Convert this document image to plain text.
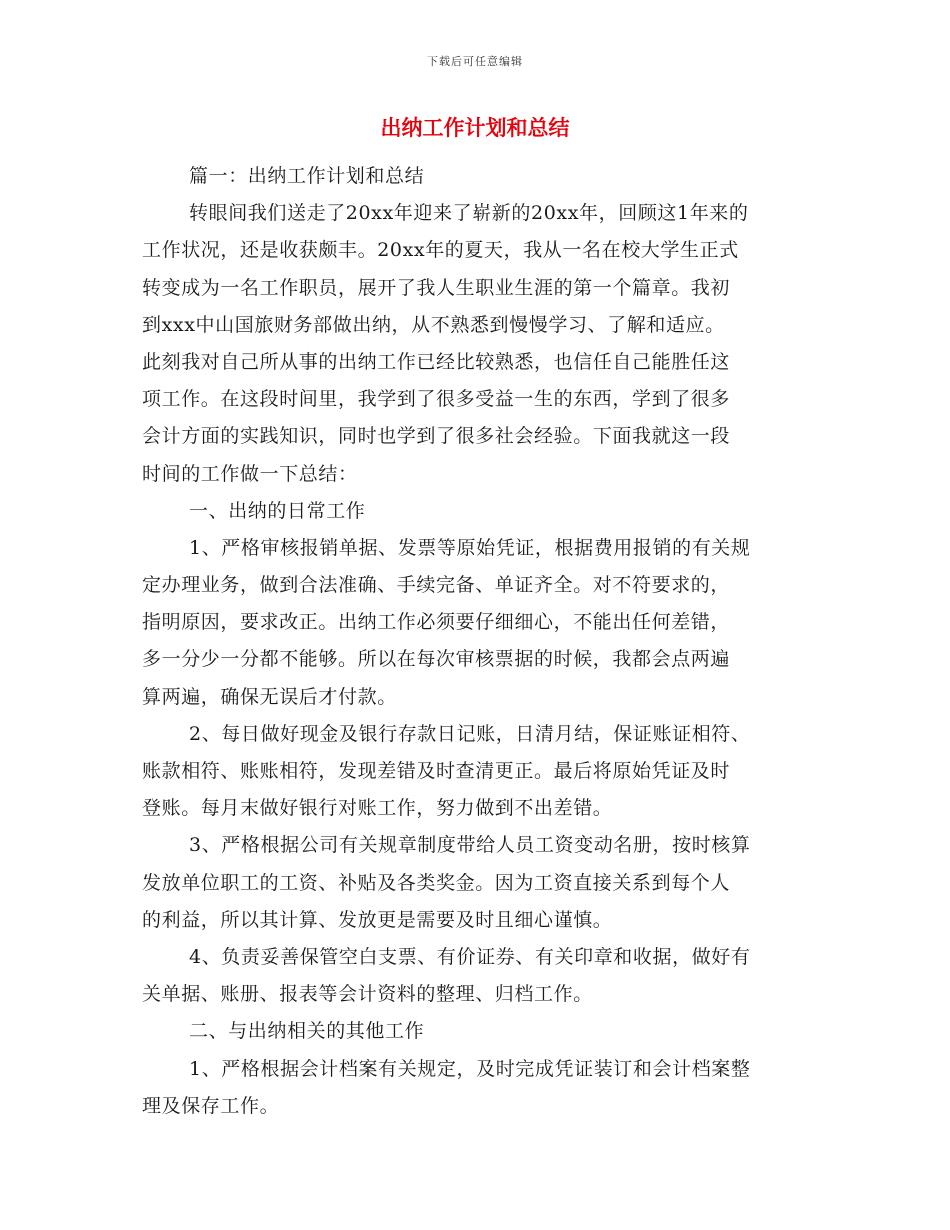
下载后可任意编辑
出纳工作计划和总结
篇一：出纳工作计划和总结
转眼间我们送走了20xx年迎来了崭新的20xx年，回顾这1年来的
工作状况，还是收获颇丰。20xx年的夏天，我从一名在校大学生正式
转变成为一名工作职员，展开了我人生职业生涯的第一个篇章。我初
到xxx中山国旅财务部做出纳，从不熟悉到慢慢学习、了解和适应。
此刻我对自己所从事的出纳工作已经比较熟悉，也信任自己能胜任这
项工作。在这段时间里，我学到了很多受益一生的东西，学到了很多
会计方面的实践知识，同时也学到了很多社会经验。下面我就这一段
时间的工作做一下总结：
一、出纳的日常工作
1、严格审核报销单据、发票等原始凭证，根据费用报销的有关规
定办理业务，做到合法准确、手续完备、单证齐全。对不符要求的，
指明原因，要求改正。出纳工作必须要仔细细心，不能出任何差错，
多一分少一分都不能够。所以在每次审核票据的时候，我都会点两遍
算两遍，确保无误后才付款。
2、每日做好现金及银行存款日记账，日清月结，保证账证相符、
账款相符、账账相符，发现差错及时查清更正。最后将原始凭证及时
登账。每月末做好银行对账工作，努力做到不出差错。
3、严格根据公司有关规章制度带给人员工资变动名册，按时核算
发放单位职工的工资、补贴及各类奖金。因为工资直接关系到每个人
的利益，所以其计算、发放更是需要及时且细心谨慎。
4、负责妥善保管空白支票、有价证券、有关印章和收据，做好有
关单据、账册、报表等会计资料的整理、归档工作。
二、与出纳相关的其他工作
1、严格根据会计档案有关规定，及时完成凭证装订和会计档案整
理及保存工作。
